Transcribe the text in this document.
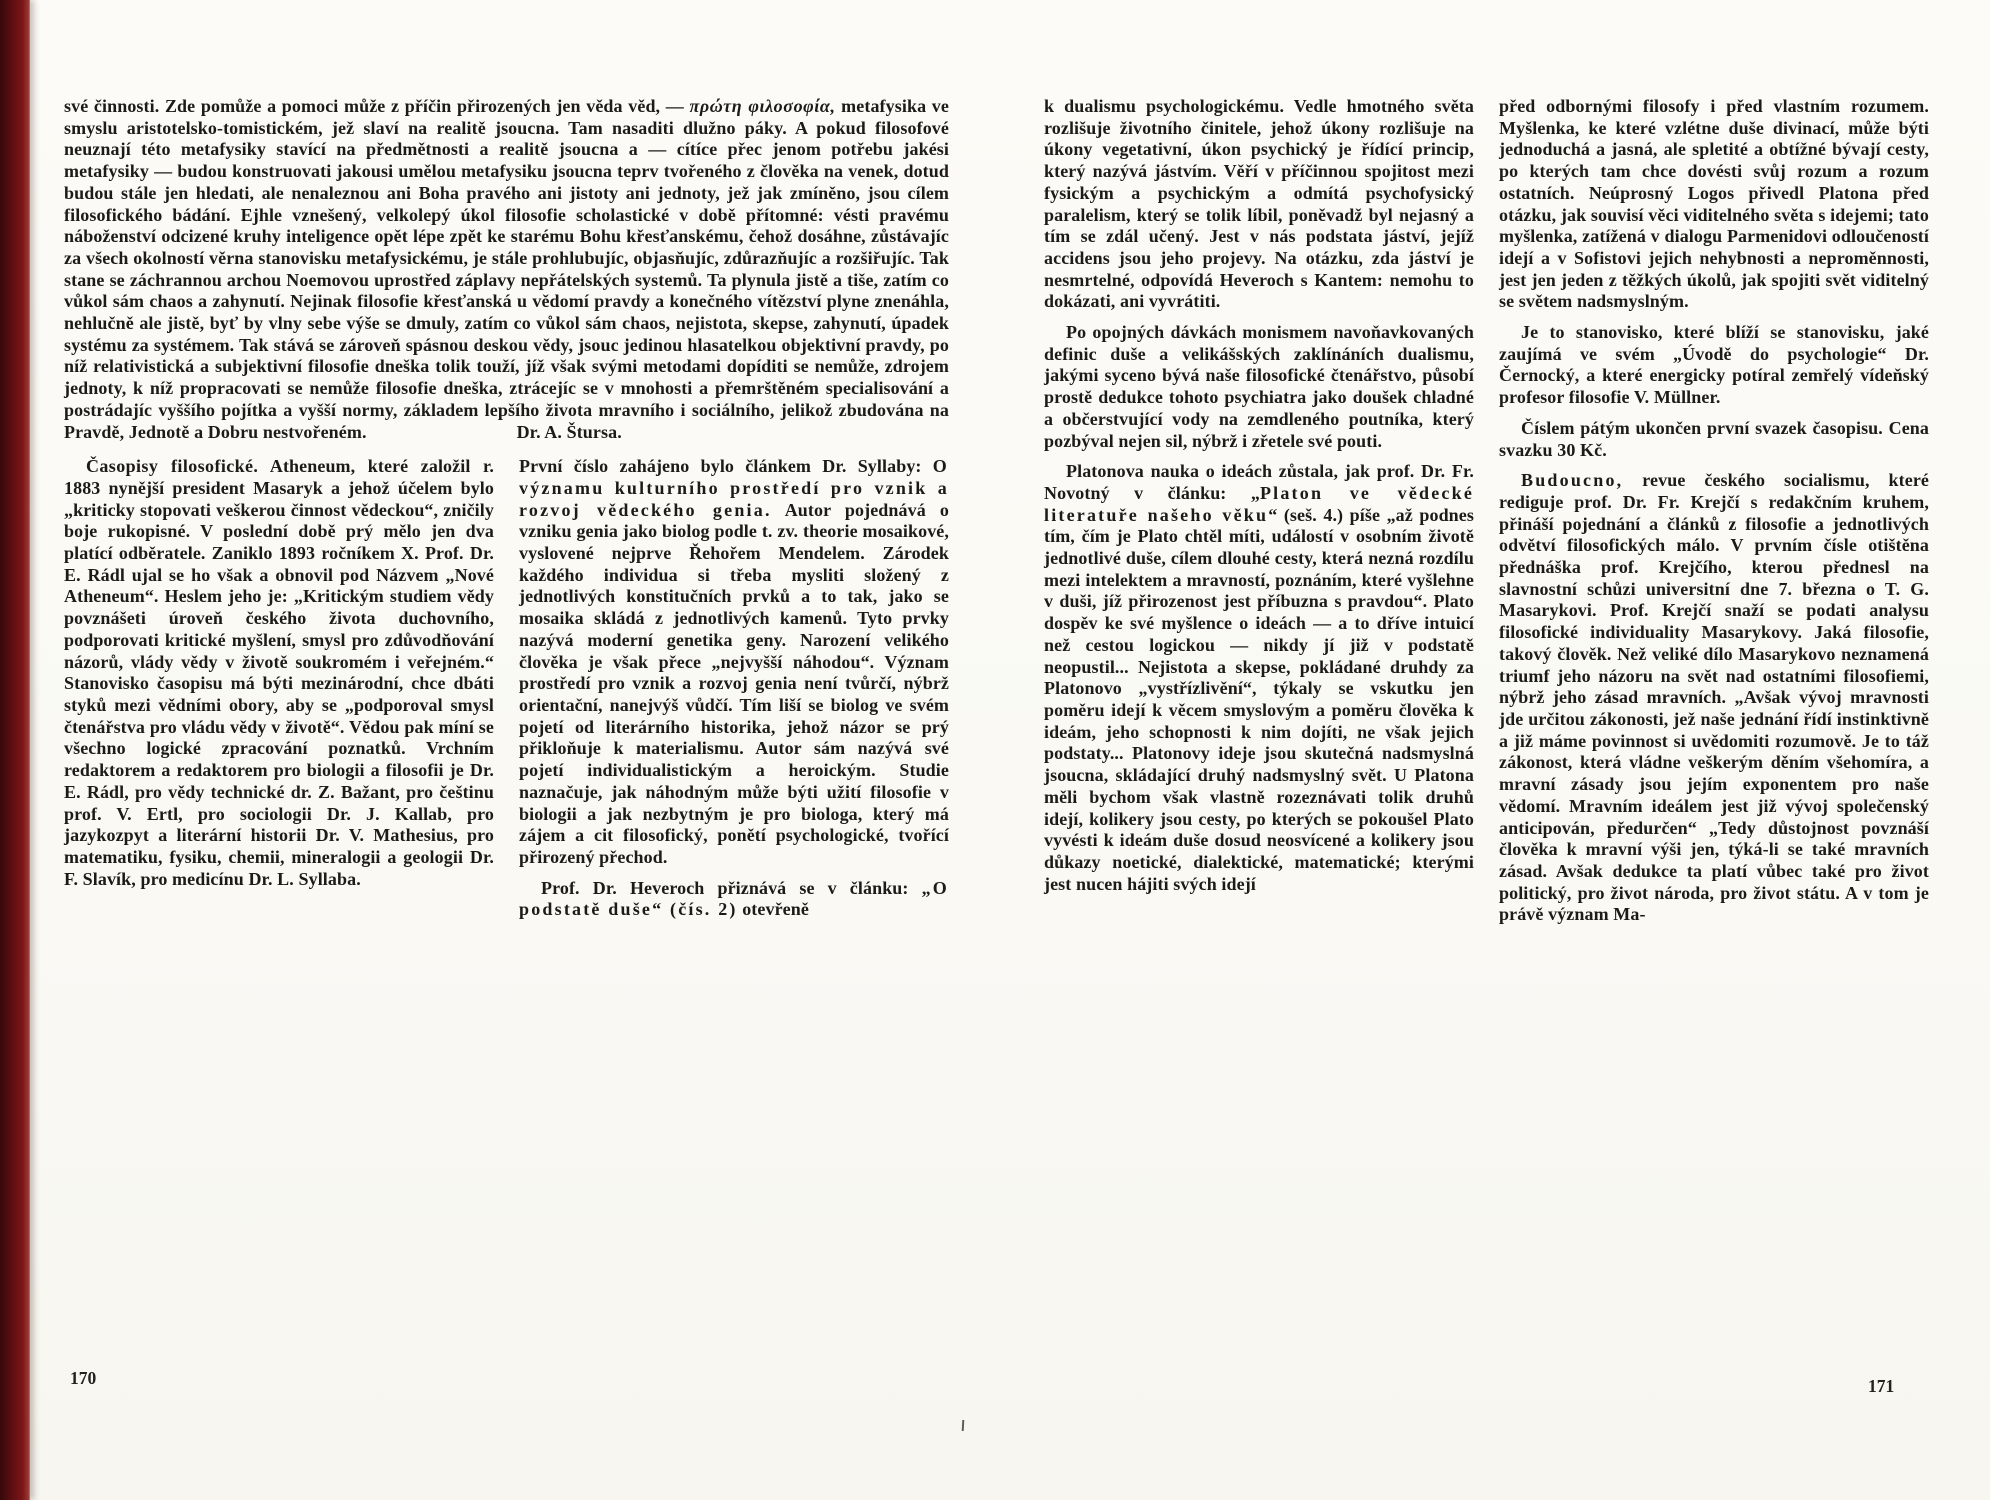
své činnosti. Zde pomůže a pomoci může z příčin přirozených jen věda věd, — πρώτη φιλοσοφία, metafysika ve smyslu aristotelsko-tomistickém, jež slaví na realitě jsoucna. Tam nasaditi dlužno páky. A pokud filosofové neuznají této metafysiky stavící na předmětnosti a realitě jsoucna a — cítíce přec jenom potřebu jakési metafysiky — budou konstruovati jakousi umělou metafysiku jsoucna teprv tvořeného z člověka na venek, dotud budou stále jen hledati, ale nenaleznou ani Boha pravého ani jistoty ani jednoty, jež jak zmíněno, jsou cílem filosofického bádání. Ejhle vznešený, velkolepý úkol filosofie scholastické v době přítomné: vésti pravému náboženství odcizené kruhy inteligence opět lépe zpět ke starému Bohu křesťanskému, čehož dosáhne, zůstávajíc za všech okolností věrna stanovisku metafysickému, je stále prohlubujíc, objasňujíc, zdůrazňujíc a rozšiřujíc. Tak stane se záchrannou archou Noemovou uprostřed záplavy nepřátelských systemů. Ta plynula jistě a tiše, zatím co vůkol sám chaos a zahynutí. Nejinak filosofie křesťanská u vědomí pravdy a konečného vítězství plyne znenáhla, nehlučně ale jistě, byť by vlny sebe výše se dmuly, zatím co vůkol sám chaos, nejistota, skepse, zahynutí, úpadek systému za systémem. Tak stává se zároveň spásnou deskou vědy, jsouc jedinou hlasatelkou objektivní pravdy, po níž relativistická a subjektivní filosofie dneška tolik touží, jíž však svými metodami dopíditi se nemůže, zdrojem jednoty, k níž propracovati se nemůže filosofie dneška, ztrácejíc se v mnohosti a přemrštěném specialisování a postrádajíc vyššího pojítka a vyšší normy, základem lepšího života mravního i sociálního, jelikož zbudována na Pravdě, Jednotě a Dobru nestvořeném.	Dr. A. Štursa.

Časopisy filosofické. Atheneum, které založil r. 1883 nynější president Masaryk a jehož účelem bylo „kriticky stopovati veškerou činnost vědeckou“, zničily boje rukopisné. V poslední době prý mělo jen dva platící odběratele. Zaniklo 1893 ročníkem X. Prof. Dr. E. Rádl ujal se ho však a obnovil pod Názvem „Nové Atheneum“. Heslem jeho je: „Kritickým studiem vědy povznášeti úroveň českého života duchovního, podporovati kritické myšlení, smysl pro zdůvodňování názorů, vlády vědy v životě soukromém i veřejném.“ Stanovisko časopisu má býti mezinárodní, chce dbáti styků mezi vědními obory, aby se „podporoval smysl čtenářstva pro vládu vědy v životě“. Vědou pak míní se všechno logické zpracování poznatků. Vrchním redaktorem a redaktorem pro biologii a filosofii je Dr. E. Rádl, pro vědy technické dr. Z. Bažant, pro češtinu prof. V. Ertl, pro sociologii Dr. J. Kallab, pro jazykozpyt a literární historii Dr. V. Mathesius, pro matematiku, fysiku, chemii, mineralogii a geologii Dr. F. Slavík, pro medicínu Dr. L. Syllaba.

První číslo zahájeno bylo článkem Dr. Syllaby: O významu kulturního prostředí pro vznik a rozvoj vědeckého genia. Autor pojednává o vzniku genia jako biolog podle t. zv. theorie mosaikové, vyslovené nejprve Řehořem Mendelem. Zárodek každého individua si třeba mysliti složený z jednotlivých konstitučních prvků a to tak, jako se mosaika skládá z jednotlivých kamenů. Tyto prvky nazývá moderní genetika geny. Narození velikého člověka je však přece „nejvyšší náhodou“. Význam prostředí pro vznik a rozvoj genia není tvůrčí, nýbrž orientační, nanejvýš vůdčí. Tím liší se biolog ve svém pojetí od literárního historika, jehož názor se prý přikloňuje k materialismu. Autor sám nazývá své pojetí individualistickým a heroickým. Studie naznačuje, jak náhodným může býti užití filosofie v biologii a jak nezbytným je pro biologa, který má zájem a cit filosofický, ponětí psychologické, tvořící přirozený přechod.

Prof. Dr. Heveroch přiznává se v článku: „O podstatě duše“ (čís. 2) otevřeně

k dualismu psychologickému. Vedle hmotného světa rozlišuje životního činitele, jehož úkony rozlišuje na úkony vegetativní, úkon psychický je řídící princip, který nazývá jástvím. Věří v příčinnou spojitost mezi fysickým a psychickým a odmítá psychofysický paralelism, který se tolik líbil, poněvadž byl nejasný a tím se zdál učený. Jest v nás podstata jáství, jejíž accidens jsou jeho projevy. Na otázku, zda jáství je nesmrtelné, odpovídá Heveroch s Kantem: nemohu to dokázati, ani vyvrátiti.

Po opojných dávkách monismem navoňavkovaných definic duše a velikášských zaklínáních dualismu, jakými syceno bývá naše filosofické čtenářstvo, působí prostě dedukce tohoto psychiatra jako doušek chladné a občerstvující vody na zemdleného poutníka, který pozbýval nejen sil, nýbrž i zřetele své pouti.

Platonova nauka o ideách zůstala, jak prof. Dr. Fr. Novotný v článku: „Platon ve vědecké literatuře našeho věku“ (seš. 4.) píše „až podnes tím, čím je Plato chtěl míti, událostí v osobním životě jednotlivé duše, cílem dlouhé cesty, která nezná rozdílu mezi intelektem a mravností, poznáním, které vyšlehne v duši, jíž přirozenost jest příbuzna s pravdou“. Plato dospěv ke své myšlence o ideách — a to dříve intuicí než cestou logickou — nikdy jí již v podstatě neopustil... Nejistota a skepse, pokládané druhdy za Platonovo „vystřízlivění“, týkaly se vskutku jen poměru idejí k věcem smyslovým a poměru člověka k ideám, jeho schopnosti k nim dojíti, ne však jejich podstaty... Platonovy ideje jsou skutečná nadsmyslná jsoucna, skládající druhý nadsmyslný svět. U Platona měli bychom však vlastně rozeznávati tolik druhů idejí, kolikery jsou cesty, po kterých se pokoušel Plato vyvésti k ideám duše dosud neosvícené a kolikery jsou důkazy noetické, dialektické, matematické; kterými jest nucen hájiti svých idejí

před odbornými filosofy i před vlastním rozumem. Myšlenka, ke které vzlétne duše divinací, může býti jednoduchá a jasná, ale spletité a obtížné bývají cesty, po kterých tam chce dovésti svůj rozum a rozum ostatních. Neúprosný Logos přivedl Platona před otázku, jak souvisí věci viditelného světa s idejemi; tato myšlenka, zatížená v dialogu Parmenidovi odloučeností idejí a v Sofistovi jejich nehybnosti a neproměnnosti, jest jen jeden z těžkých úkolů, jak spojiti svět viditelný se světem nadsmyslným.

Je to stanovisko, které blíží se stanovisku, jaké zaujímá ve svém „Úvodě do psychologie“ Dr. Černocký, a které energicky potíral zemřelý vídeňský profesor filosofie V. Müllner.

Číslem pátým ukončen první svazek časopisu. Cena svazku 30 Kč.

Budoucno, revue českého socialismu, které rediguje prof. Dr. Fr. Krejčí s redakčním kruhem, přináší pojednání a článků z filosofie a jednotlivých odvětví filosofických málo. V prvním čísle otištěna přednáška prof. Krejčího, kterou přednesl na slavnostní schůzi universitní dne 7. března o T. G. Masarykovi. Prof. Krejčí snaží se podati analysu filosofické individuality Masarykovy. Jaká filosofie, takový člověk. Než veliké dílo Masarykovo neznamená triumf jeho názoru na svět nad ostatními filosofiemi, nýbrž jeho zásad mravních. „Avšak vývoj mravnosti jde určitou zákonosti, jež naše jednání řídí instinktivně a již máme povinnost si uvědomiti rozumově. Je to táž zákonost, která vládne veškerým děním všehomíra, a mravní zásady jsou jejím exponentem pro naše vědomí. Mravním ideálem jest již vývoj společenský anticipován, předurčen“ „Tedy důstojnost povznáší člověka k mravní výši jen, týká-li se také mravních zásad. Avšak dedukce ta platí vůbec také pro život politický, pro život národa, pro život státu. A v tom je právě význam Ma-

170	171
